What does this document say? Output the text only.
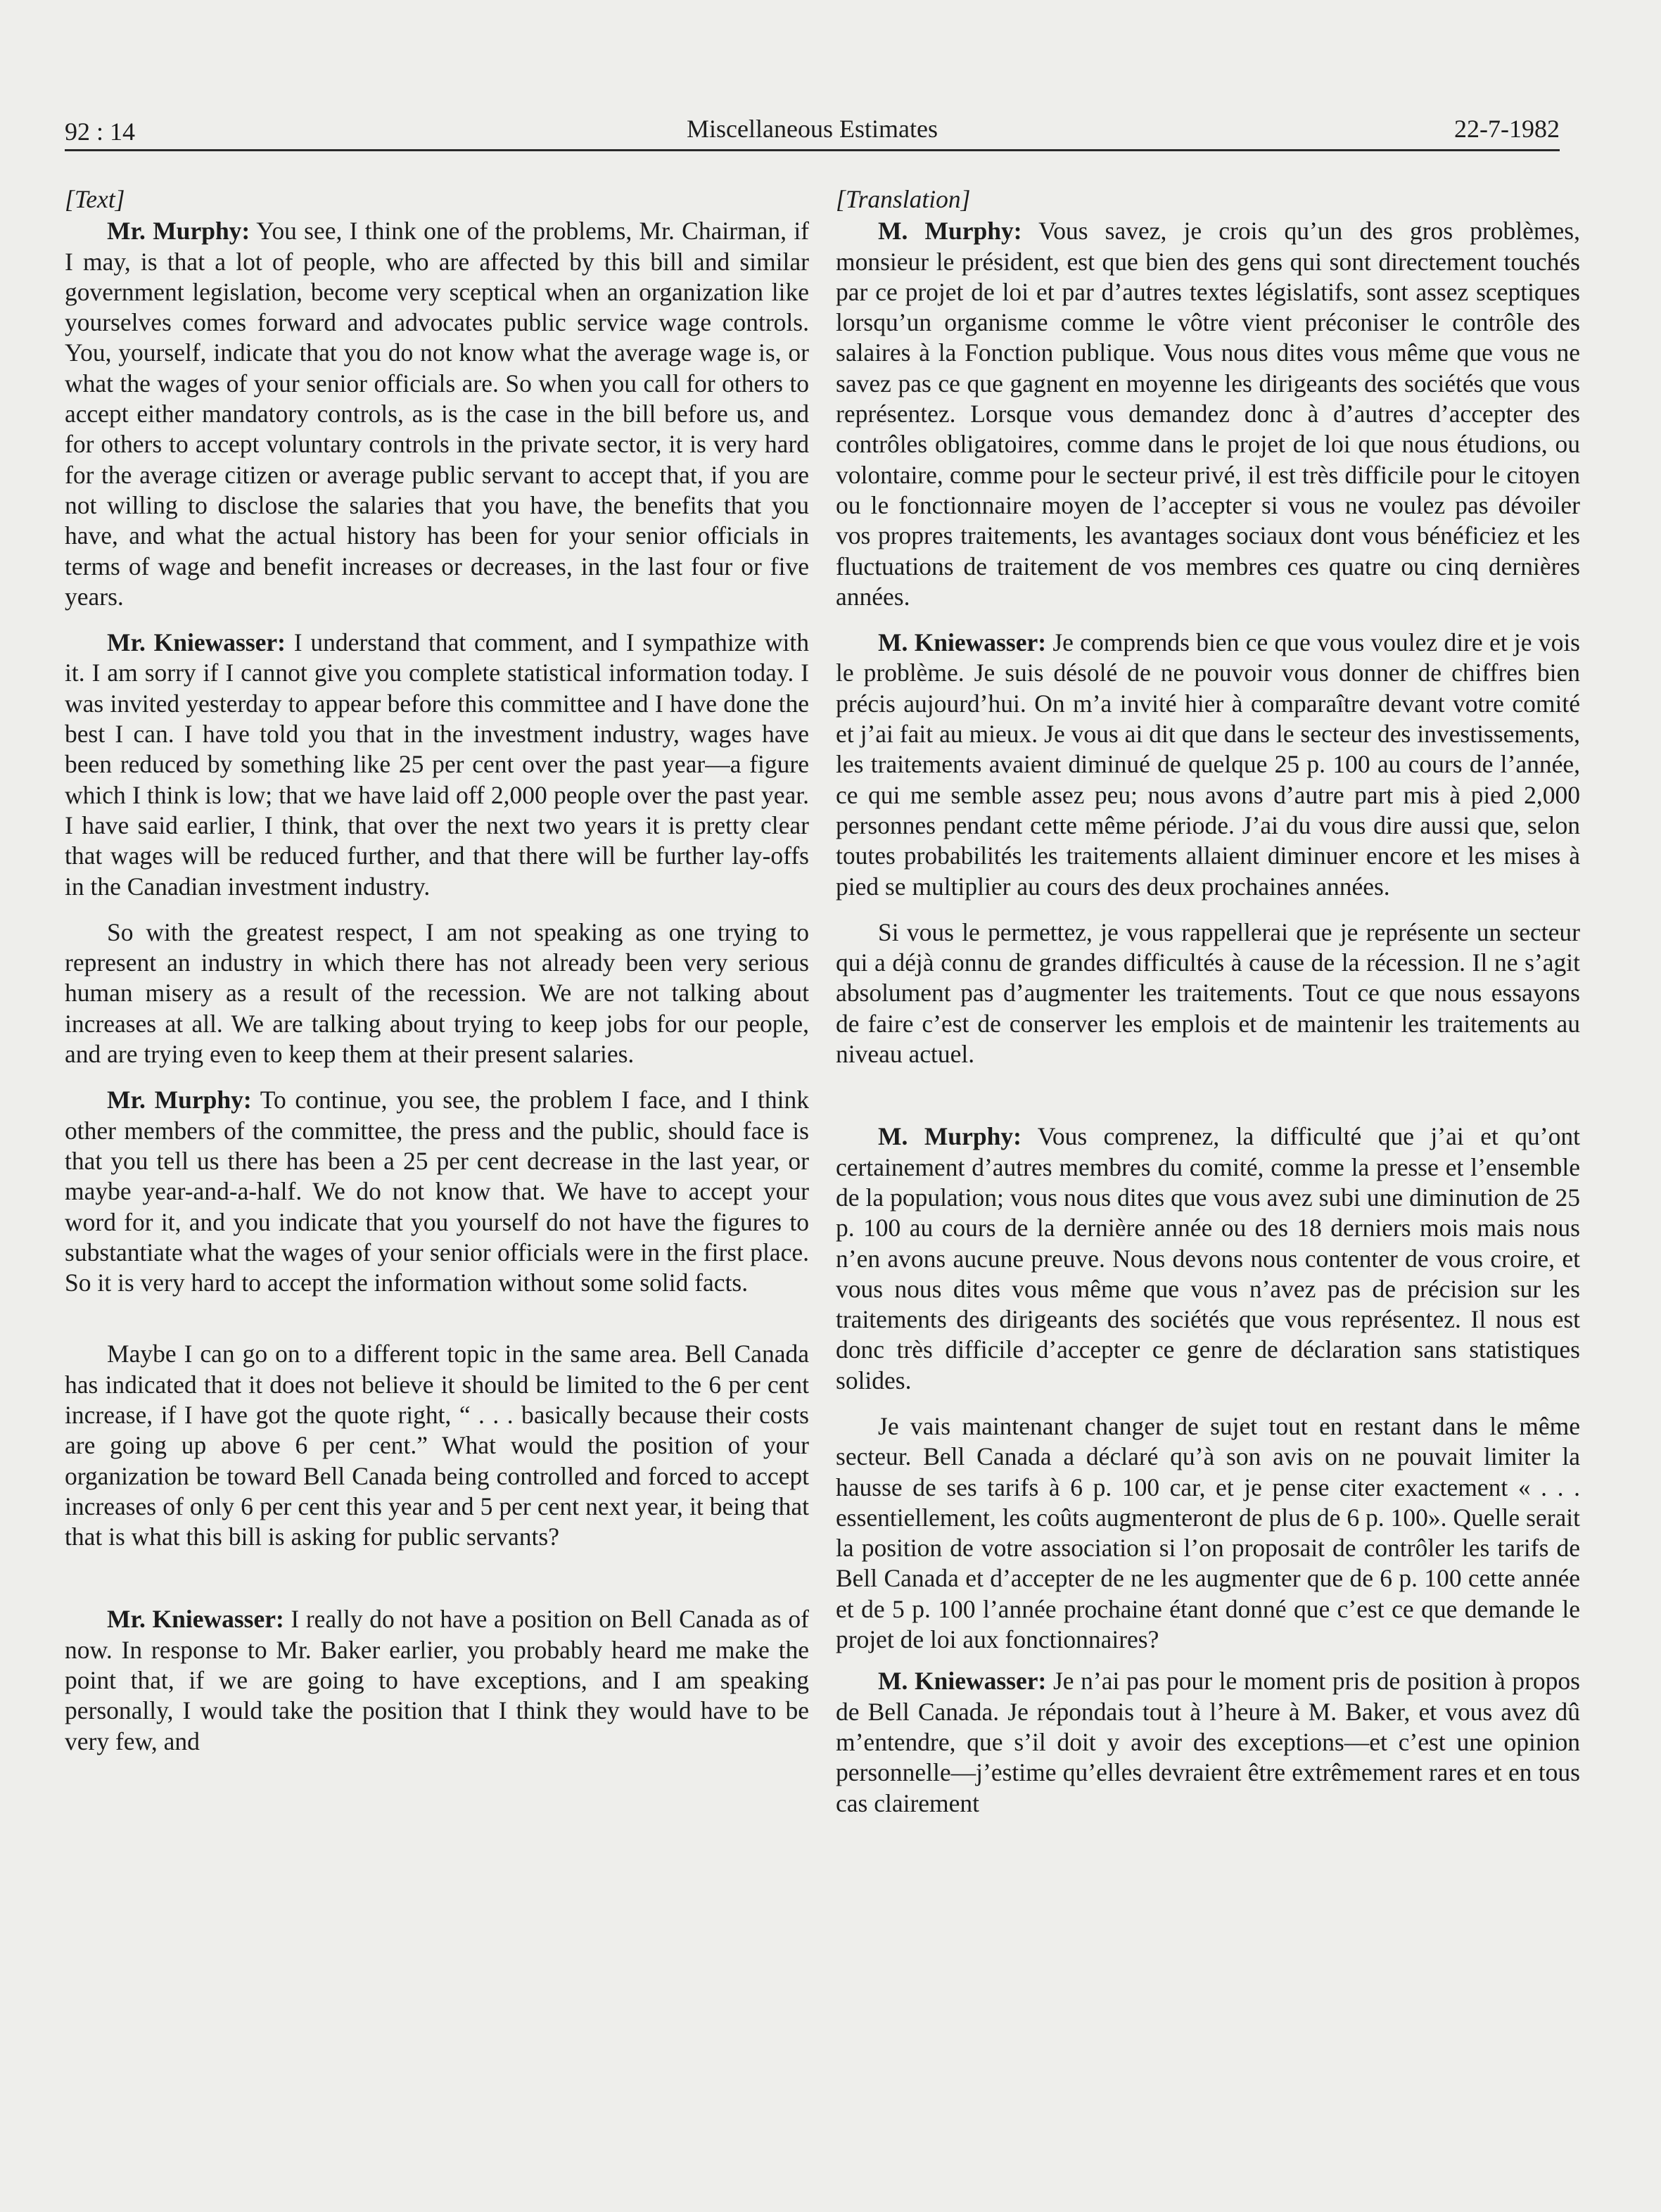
92 : 14	Miscellaneous Estimates	22-7-1982

[Text]

Mr. Murphy: You see, I think one of the problems, Mr. Chairman, if I may, is that a lot of people, who are affected by this bill and similar government legislation, become very sceptical when an organization like yourselves comes forward and advocates public service wage controls. You, yourself, indicate that you do not know what the average wage is, or what the wages of your senior officials are. So when you call for others to accept either mandatory controls, as is the case in the bill before us, and for others to accept voluntary controls in the private sector, it is very hard for the average citizen or average public servant to accept that, if you are not willing to disclose the salaries that you have, the benefits that you have, and what the actual history has been for your senior officials in terms of wage and benefit increases or decreases, in the last four or five years.

Mr. Kniewasser: I understand that comment, and I sympathize with it. I am sorry if I cannot give you complete statistical information today. I was invited yesterday to appear before this committee and I have done the best I can. I have told you that in the investment industry, wages have been reduced by something like 25 per cent over the past year—a figure which I think is low; that we have laid off 2,000 people over the past year. I have said earlier, I think, that over the next two years it is pretty clear that wages will be reduced further, and that there will be further lay-offs in the Canadian investment industry.

So with the greatest respect, I am not speaking as one trying to represent an industry in which there has not already been very serious human misery as a result of the recession. We are not talking about increases at all. We are talking about trying to keep jobs for our people, and are trying even to keep them at their present salaries.

Mr. Murphy: To continue, you see, the problem I face, and I think other members of the committee, the press and the public, should face is that you tell us there has been a 25 per cent decrease in the last year, or maybe year-and-a-half. We do not know that. We have to accept your word for it, and you indicate that you yourself do not have the figures to substantiate what the wages of your senior officials were in the first place. So it is very hard to accept the information without some solid facts.

Maybe I can go on to a different topic in the same area. Bell Canada has indicated that it does not believe it should be limited to the 6 per cent increase, if I have got the quote right, “ . . . basically because their costs are going up above 6 per cent.” What would the position of your organization be toward Bell Canada being controlled and forced to accept increases of only 6 per cent this year and 5 per cent next year, it being that that is what this bill is asking for public servants?

Mr. Kniewasser: I really do not have a position on Bell Canada as of now. In response to Mr. Baker earlier, you probably heard me make the point that, if we are going to have exceptions, and I am speaking personally, I would take the position that I think they would have to be very few, and

[Translation]

M. Murphy: Vous savez, je crois qu’un des gros problèmes, monsieur le président, est que bien des gens qui sont directement touchés par ce projet de loi et par d’autres textes législatifs, sont assez sceptiques lorsqu’un organisme comme le vôtre vient préconiser le contrôle des salaires à la Fonction publique. Vous nous dites vous même que vous ne savez pas ce que gagnent en moyenne les dirigeants des sociétés que vous représentez. Lorsque vous demandez donc à d’autres d’accepter des contrôles obligatoires, comme dans le projet de loi que nous étudions, ou volontaire, comme pour le secteur privé, il est très difficile pour le citoyen ou le fonctionnaire moyen de l’accepter si vous ne voulez pas dévoiler vos propres traitements, les avantages sociaux dont vous bénéficiez et les fluctuations de traitement de vos membres ces quatre ou cinq dernières années.

M. Kniewasser: Je comprends bien ce que vous voulez dire et je vois le problème. Je suis désolé de ne pouvoir vous donner de chiffres bien précis aujourd’hui. On m’a invité hier à comparaître devant votre comité et j’ai fait au mieux. Je vous ai dit que dans le secteur des investissements, les traitements avaient diminué de quelque 25 p. 100 au cours de l’année, ce qui me semble assez peu; nous avons d’autre part mis à pied 2,000 personnes pendant cette même période. J’ai du vous dire aussi que, selon toutes probabilités les traitements allaient diminuer encore et les mises à pied se multiplier au cours des deux prochaines années.

Si vous le permettez, je vous rappellerai que je représente un secteur qui a déjà connu de grandes difficultés à cause de la récession. Il ne s’agit absolument pas d’augmenter les traitements. Tout ce que nous essayons de faire c’est de conserver les emplois et de maintenir les traitements au niveau actuel.

M. Murphy: Vous comprenez, la difficulté que j’ai et qu’ont certainement d’autres membres du comité, comme la presse et l’ensemble de la population; vous nous dites que vous avez subi une diminution de 25 p. 100 au cours de la dernière année ou des 18 derniers mois mais nous n’en avons aucune preuve. Nous devons nous contenter de vous croire, et vous nous dites vous même que vous n’avez pas de précision sur les traitements des dirigeants des sociétés que vous représentez. Il nous est donc très difficile d’accepter ce genre de déclaration sans statistiques solides.

Je vais maintenant changer de sujet tout en restant dans le même secteur. Bell Canada a déclaré qu’à son avis on ne pouvait limiter la hausse de ses tarifs à 6 p. 100 car, et je pense citer exactement « . . . essentiellement, les coûts augmenteront de plus de 6 p. 100». Quelle serait la position de votre association si l’on proposait de contrôler les tarifs de Bell Canada et d’accepter de ne les augmenter que de 6 p. 100 cette année et de 5 p. 100 l’année prochaine étant donné que c’est ce que demande le projet de loi aux fonctionnaires?

M. Kniewasser: Je n’ai pas pour le moment pris de position à propos de Bell Canada. Je répondais tout à l’heure à M. Baker, et vous avez dû m’entendre, que s’il doit y avoir des exceptions—et c’est une opinion personnelle—j’estime qu’elles devraient être extrêmement rares et en tous cas clairement
